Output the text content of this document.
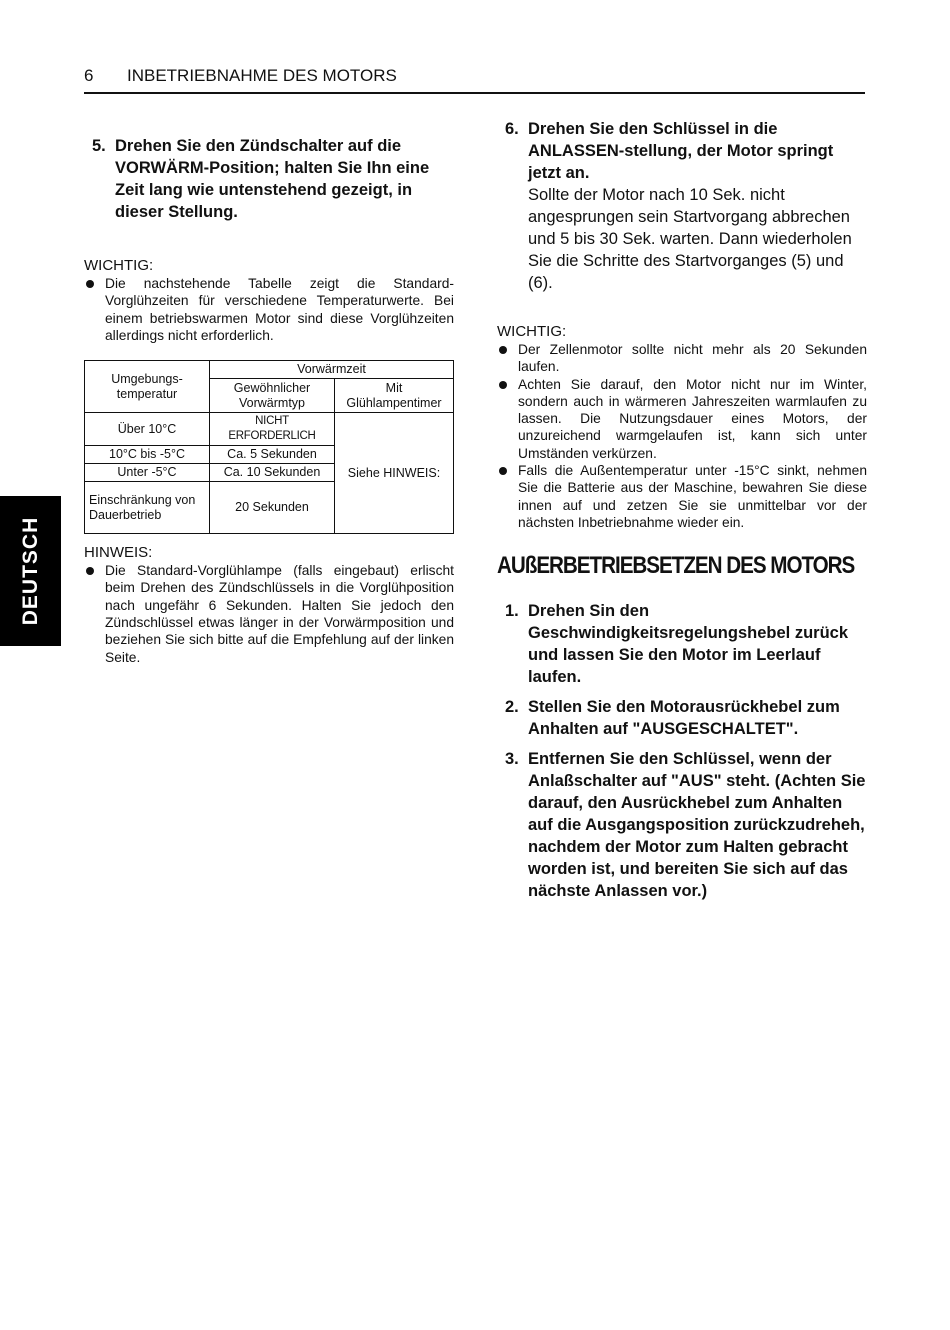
6 INBETRIEBNAHME DES MOTORS
DEUTSCH
5. Drehen Sie den Zündschalter auf die VORWÄRM-Position; halten Sie Ihn eine Zeit lang wie untenstehend gezeigt, in dieser Stellung.

WICHTIG:

Die nachstehende Tabelle zeigt die Standard-Vorglühzeiten für verschiedene Temperaturwerte. Bei einem betriebswarmen Motor sind diese Vorglühzeiten allerdings nicht erforderlich.
Umgebungs-
temperatur	Vorwärmzeit	
	Gewöhnlicher Vorwärmtyp	Mit Glühlampentimer
Über 10°C	NICHT ERFORDERLICH	Siehe HINWEIS:
10°C bis -5°C	Ca. 5 Sekunden	
Unter -5°C	Ca. 10 Sekunden	
Einschränkung von Dauerbetrieb	20 Sekunden	

HINWEIS:

Die Standard-Vorglühlampe (falls eingebaut) erlischt beim Drehen des Zündschlüssels in die Vorglühposition nach ungefähr 6 Sekunden. Halten Sie jedoch den Zündschlüssel etwas länger in der Vorwärmposition und beziehen Sie sich bitte auf die Empfehlung auf der linken Seite.
6. Drehen Sie den Schlüssel in die ANLASSEN-stellung, der Motor springt jetzt an.
Sollte der Motor nach 10 Sek. nicht angesprungen sein Startvorgang abbrechen und 5 bis 30 Sek. warten. Dann wiederholen Sie die Schritte des Startvorganges (5) und (6).

WICHTIG:

Der Zellenmotor sollte nicht mehr als 20 Sekunden laufen.
Achten Sie darauf, den Motor nicht nur im Winter, sondern auch in wärmeren Jahreszeiten warmlaufen zu lassen. Die Nutzungsdauer eines Motors, der unzureichend warmgelaufen ist, kann sich unter Umständen verkürzen.
Falls die Außentemperatur unter -15°C sinkt, nehmen Sie die Batterie aus der Maschine, bewahren Sie diese innen auf und zetzen Sie sie unmittelbar vor der nächsten Inbetriebnahme wieder ein.
AUßERBETRIEBSETZEN DES MOTORS
1. Drehen Sin den Geschwindigkeitsregelungshebel zurück und lassen Sie den Motor im Leerlauf laufen.
2. Stellen Sie den Motorausrückhebel zum Anhalten auf "AUSGESCHALTET".
3. Entfernen Sie den Schlüssel, wenn der Anlaßschalter auf "AUS" steht. (Achten Sie darauf, den Ausrückhebel zum Anhalten auf die Ausgangsposition zurückzudreheh, nachdem der Motor zum Halten gebracht worden ist, und bereiten Sie sich auf das nächste Anlassen vor.)
